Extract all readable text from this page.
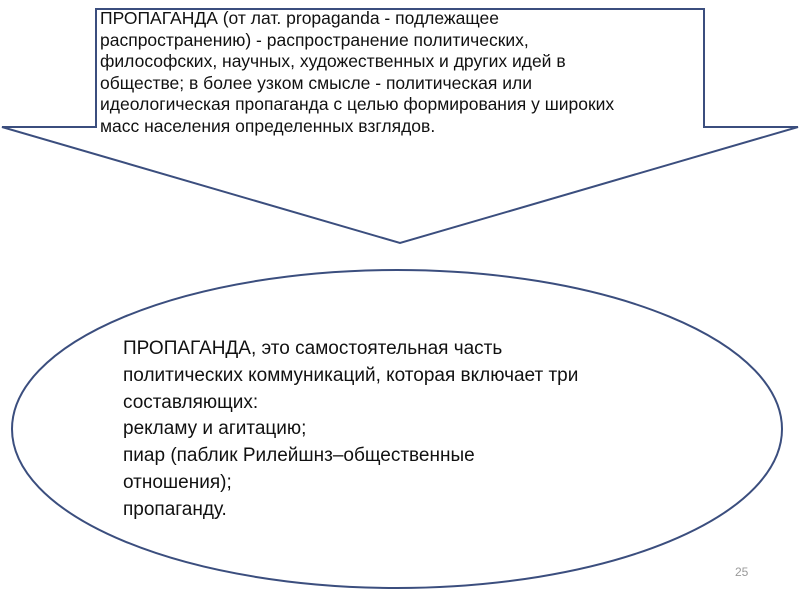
ПРОПАГАНДА (от лат. propaganda - подлежащее
распространению) - распространение политических,
философских, научных, художественных и других идей в
обществе; в более узком смысле - политическая или
идеологическая пропаганда с целью формирования у широких
масс населения определенных взглядов.
ПРОПАГАНДА, это самостоятельная часть
политических коммуникаций, которая включает три
составляющих:
рекламу и агитацию;
пиар (паблик Рилейшнз–общественные
отношения);
пропаганду.
25
